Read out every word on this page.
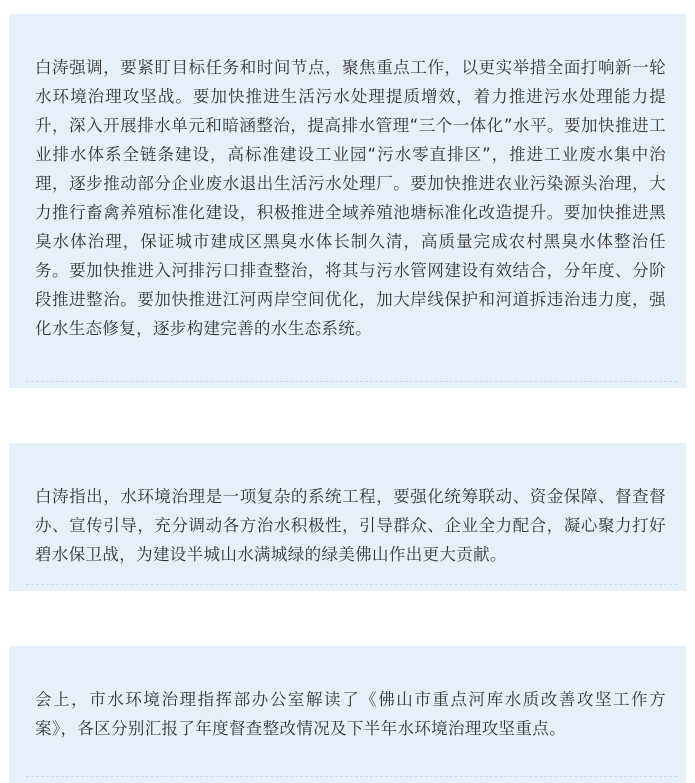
白涛强调，要紧盯目标任务和时间节点，聚焦重点工作，以更实举措全面打响新一轮水环境治理攻坚战。要加快推进生活污水处理提质增效，着力推进污水处理能力提升，深入开展排水单元和暗涵整治，提高排水管理“三个一体化”水平。要加快推进工业排水体系全链条建设，高标准建设工业园“污水零直排区”，推进工业废水集中治理，逐步推动部分企业废水退出生活污水处理厂。要加快推进农业污染源头治理，大力推行畜禽养殖标准化建设，积极推进全域养殖池塘标准化改造提升。要加快推进黑臭水体治理，保证城市建成区黑臭水体长制久清，高质量完成农村黑臭水体整治任务。要加快推进入河排污口排查整治，将其与污水管网建设有效结合，分年度、分阶段推进整治。要加快推进江河两岸空间优化，加大岸线保护和河道拆违治违力度，强化水生态修复，逐步构建完善的水生态系统。

白涛指出，水环境治理是一项复杂的系统工程，要强化统筹联动、资金保障、督查督办、宣传引导，充分调动各方治水积极性，引导群众、企业全力配合，凝心聚力打好碧水保卫战，为建设半城山水满城绿的绿美佛山作出更大贡献。

会上，市水环境治理指挥部办公室解读了《佛山市重点河库水质改善攻坚工作方案》，各区分别汇报了年度督查整改情况及下半年水环境治理攻坚重点。
